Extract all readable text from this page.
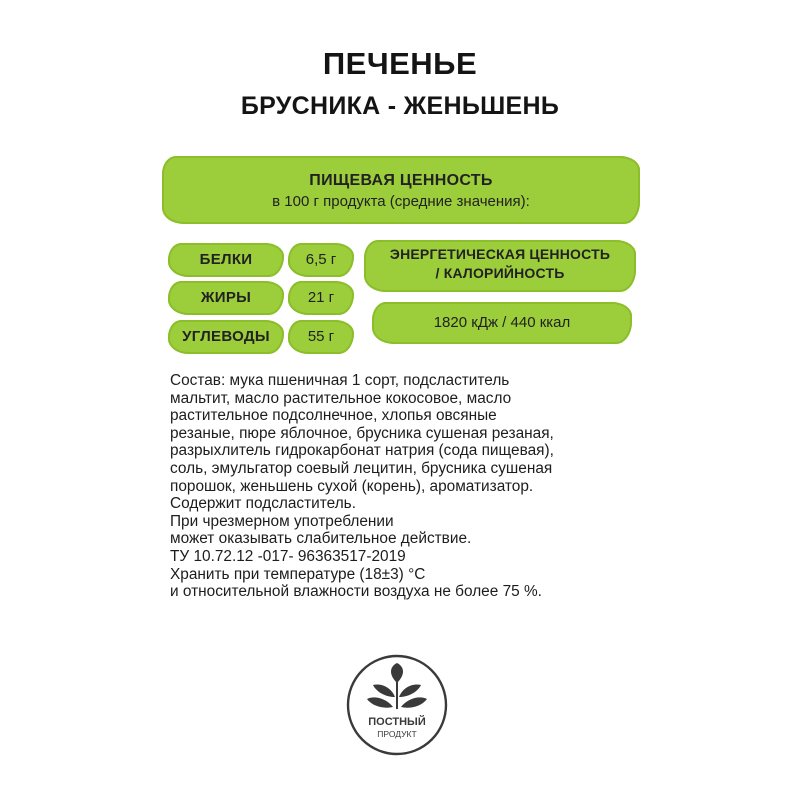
ПЕЧЕНЬЕ
БРУСНИКА - ЖЕНЬШЕНЬ
ПИЩЕВАЯ ЦЕННОСТЬ
в 100 г продукта (средние значения):
БЕЛКИ	6,5 г
ЖИРЫ	21 г
УГЛЕВОДЫ	55 г
ЭНЕРГЕТИЧЕСКАЯ ЦЕННОСТЬ
/ КАЛОРИЙНОСТЬ
1820 кДж / 440 ккал
Состав: мука пшеничная 1 сорт, подсластитель
мальтит, масло растительное кокосовое, масло
растительное подсолнечное, хлопья овсяные
резаные, пюре яблочное, брусника сушеная резаная,
разрыхлитель гидрокарбонат натрия (сода пищевая),
соль, эмульгатор соевый лецитин, брусника сушеная
порошок, женьшень сухой (корень), ароматизатор.
Содержит подсластитель.
При чрезмерном употреблении
может оказывать слабительное действие.
ТУ 10.72.12 -017- 96363517-2019
Хранить при температуре (18±3) °С
и относительной влажности воздуха не более 75 %.
ПОСТНЫЙ
ПРОДУКТ
